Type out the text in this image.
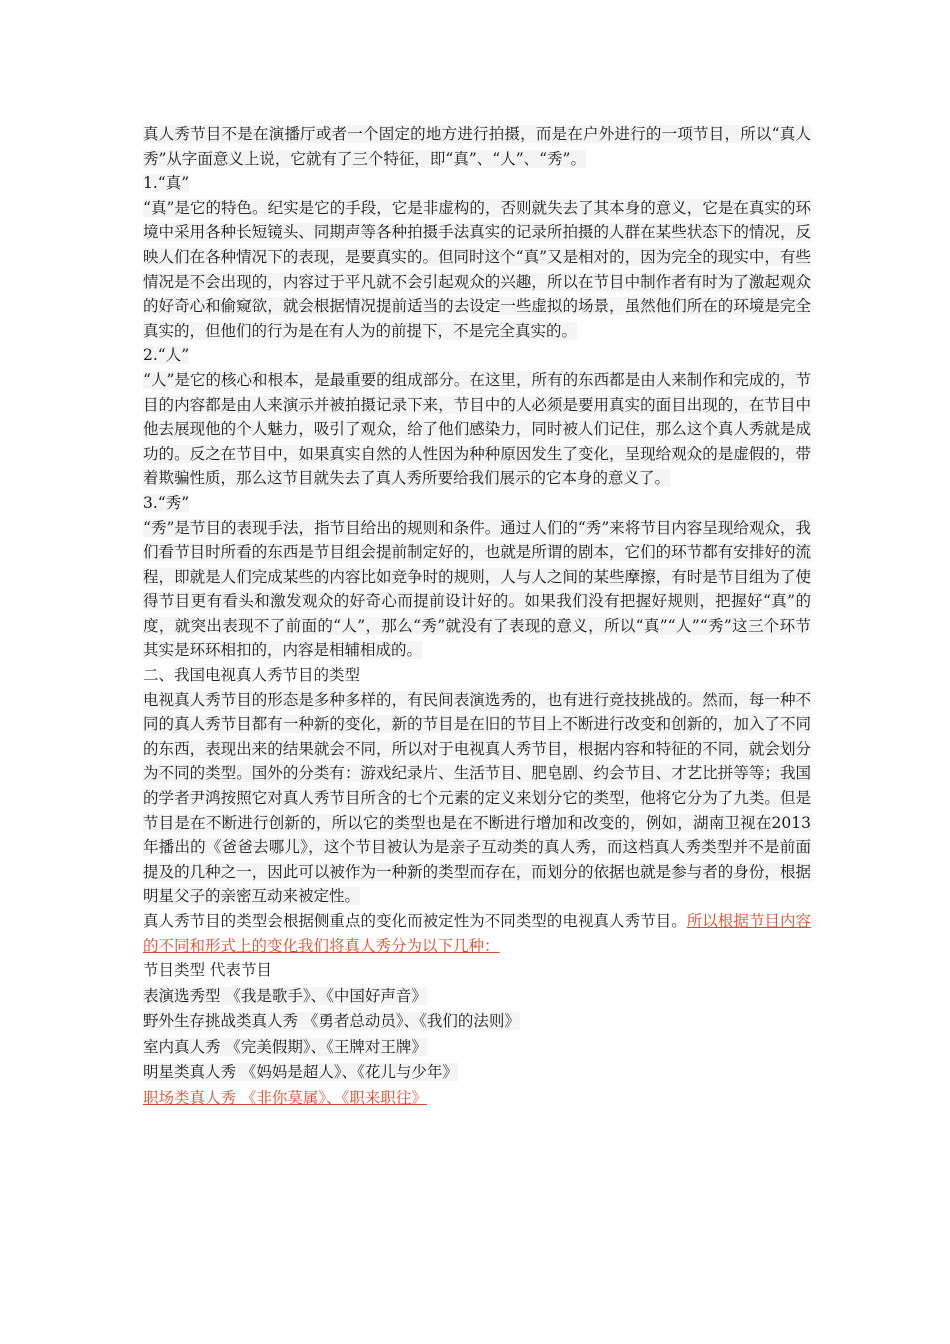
真人秀节目不是在演播厅或者一个固定的地方进行拍摄，而是在户外进行的一项节目，所以“真人秀”从字面意义上说，它就有了三个特征，即“真”、“人”、“秀”。

1.“真”

“真”是它的特色。纪实是它的手段，它是非虚构的，否则就失去了其本身的意义，它是在真实的环境中采用各种长短镜头、同期声等各种拍摄手法真实的记录所拍摄的人群在某些状态下的情况，反映人们在各种情况下的表现，是要真实的。但同时这个“真”又是相对的，因为完全的现实中，有些情况是不会出现的，内容过于平凡就不会引起观众的兴趣，所以在节目中制作者有时为了激起观众的好奇心和偷窥欲，就会根据情况提前适当的去设定一些虚拟的场景，虽然他们所在的环境是完全真实的，但他们的行为是在有人为的前提下，不是完全真实的。

2.“人”

“人”是它的核心和根本，是最重要的组成部分。在这里，所有的东西都是由人来制作和完成的，节目的内容都是由人来演示并被拍摄记录下来，节目中的人必须是要用真实的面目出现的，在节目中他去展现他的个人魅力，吸引了观众，给了他们感染力，同时被人们记住，那么这个真人秀就是成功的。反之在节目中，如果真实自然的人性因为种种原因发生了变化，呈现给观众的是虚假的，带着欺骗性质，那么这节目就失去了真人秀所要给我们展示的它本身的意义了。

3.“秀”

“秀”是节目的表现手法，指节目给出的规则和条件。通过人们的“秀”来将节目内容呈现给观众，我们看节目时所看的东西是节目组会提前制定好的，也就是所谓的剧本，它们的环节都有安排好的流程，即就是人们完成某些的内容比如竞争时的规则，人与人之间的某些摩擦，有时是节目组为了使得节目更有看头和激发观众的好奇心而提前设计好的。如果我们没有把握好规则，把握好“真”的度，就突出表现不了前面的“人”，那么“秀”就没有了表现的意义，所以“真”“人”“秀”这三个环节其实是环环相扣的，内容是相辅相成的。

二、我国电视真人秀节目的类型

电视真人秀节目的形态是多种多样的，有民间表演选秀的，也有进行竞技挑战的。然而，每一种不同的真人秀节目都有一种新的变化，新的节目是在旧的节目上不断进行改变和创新的，加入了不同的东西，表现出来的结果就会不同，所以对于电视真人秀节目，根据内容和特征的不同，就会划分为不同的类型。国外的分类有：游戏纪录片、生活节目、肥皂剧、约会节目、才艺比拼等等；我国的学者尹鸿按照它对真人秀节目所含的七个元素的定义来划分它的类型，他将它分为了九类。但是节目是在不断进行创新的，所以它的类型也是在不断进行增加和改变的，例如，湖南卫视在2013年播出的《爸爸去哪儿》，这个节目被认为是亲子互动类的真人秀，而这档真人秀类型并不是前面提及的几种之一，因此可以被作为一种新的类型而存在，而划分的依据也就是参与者的身份，根据明星父子的亲密互动来被定性。

真人秀节目的类型会根据侧重点的变化而被定性为不同类型的电视真人秀节目。所以根据节目内容的不同和形式上的变化我们将真人秀分为以下几种：

节目类型 代表节目

表演选秀型 《我是歌手》、《中国好声音》

野外生存挑战类真人秀 《勇者总动员》、《我们的法则》

室内真人秀 《完美假期》、《王牌对王牌》

明星类真人秀 《妈妈是超人》、《花儿与少年》

职场类真人秀 《非你莫属》、《职来职往》
